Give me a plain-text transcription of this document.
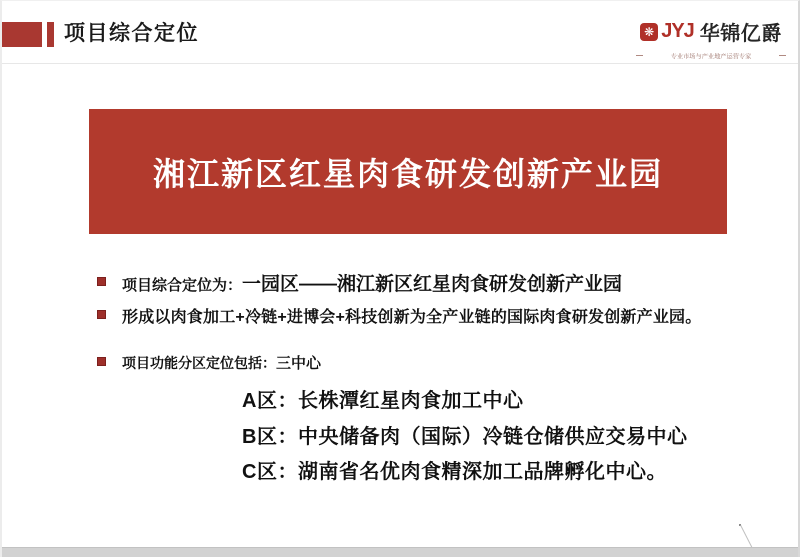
项目综合定位	❋ JYJ 华锦亿爵
专业市场与产业地产运营专家
湘江新区红星肉食研发创新产业园
项目综合定位为：一园区——湘江新区红星肉食研发创新产业园
形成以肉食加工+冷链+进博会+科技创新为全产业链的国际肉食研发创新产业园。
项目功能分区定位包括：三中心
A区：长株潭红星肉食加工中心
B区：中央储备肉（国际）冷链仓储供应交易中心
C区：湖南省名优肉食精深加工品牌孵化中心。
